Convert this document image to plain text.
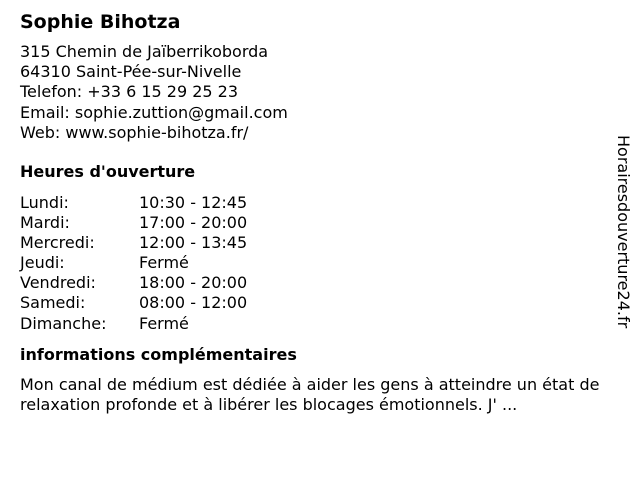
Sophie Bihotza
315 Chemin de Jaïberrikoborda
64310 Saint-Pée-sur-Nivelle
Telefon: +33 6 15 29 25 23
Email: sophie.zuttion@gmail.com
Web: www.sophie-bihotza.fr/
Heures d'ouverture
Lundi:	10:30 - 12:45
Mardi:	17:00 - 20:00
Mercredi:	12:00 - 13:45
Jeudi:	Fermé
Vendredi:	18:00 - 20:00
Samedi:	08:00 - 12:00
Dimanche:	Fermé
informations complémentaires
Mon canal de médium est dédiée à aider les gens à atteindre un état de relaxation profonde et à libérer les blocages émotionnels. J' ...
Horairesdouverture24.fr
